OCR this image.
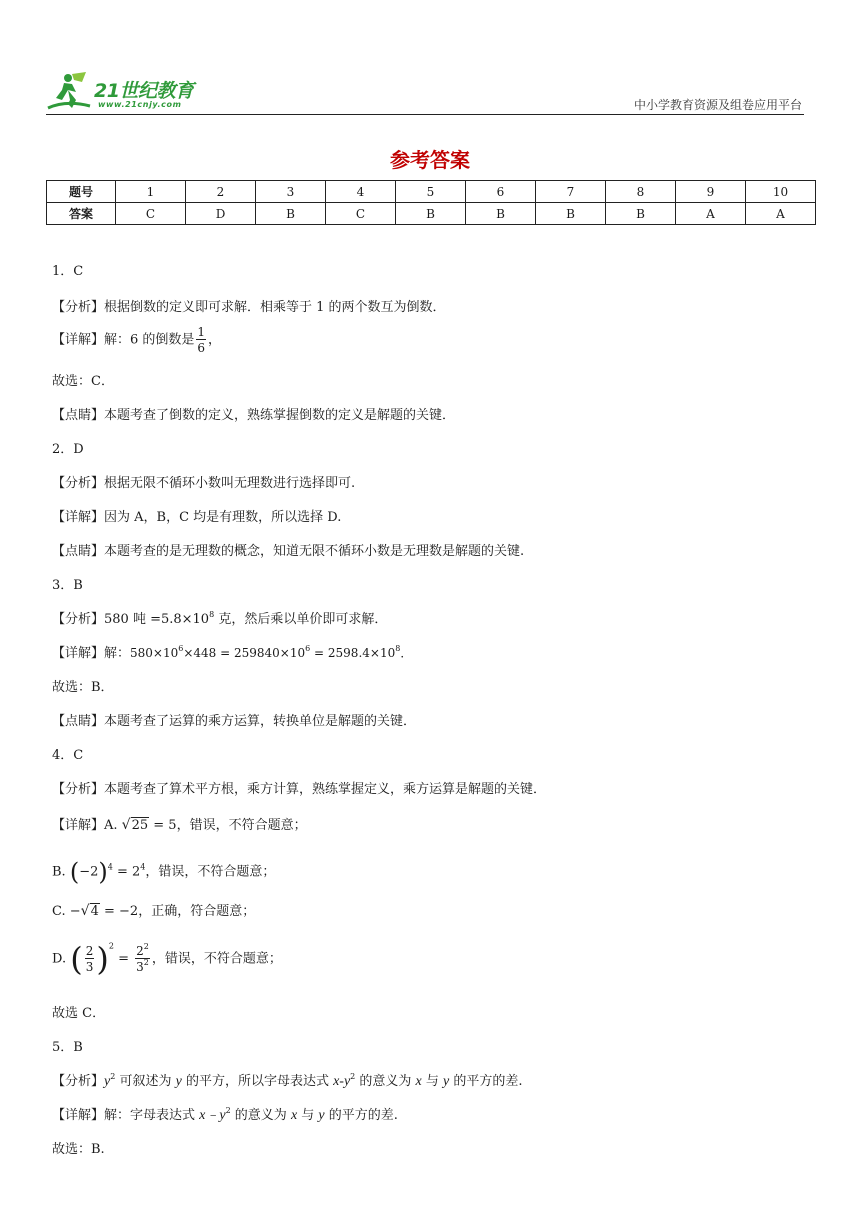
21世纪教育
www.21cnjy.com	中小学教育资源及组卷应用平台
参考答案
题号	1	2	3	4	5	6	7	8	9	10
答案	C	D	B	C	B	B	B	B	A	A
1．C
【分析】根据倒数的定义即可求解．相乘等于 1 的两个数互为倒数．
【详解】解：6 的倒数是 $\frac{1}{6}$ ，
故选：C．
【点睛】本题考查了倒数的定义，熟练掌握倒数的定义是解题的关键．
2．D
【分析】根据无限不循环小数叫无理数进行选择即可.
【详解】因为 A，B，C 均是有理数，所以选择 D.
【点睛】本题考查的是无理数的概念，知道无限不循环小数是无理数是解题的关键.
3．B
【分析】580 吨 $=5.8\times 10^8$ 克，然后乘以单价即可求解．
【详解】解：$580\times 10^6\times 448 = 259840\times 10^6 = 2598.4\times 10^8$．
故选：B．
【点睛】本题考查了运算的乘方运算，转换单位是解题的关键．
4．C
【分析】本题考查了算术平方根，乘方计算，熟练掌握定义，乘方运算是解题的关键．
【详解】A. √25 = 5，错误，不符合题意；
B. $(-2)^4 = 2^4$，错误，不符合题意；
C. −√4 = −2，正确，符合题意；
D. ( $\frac{2}{3} )^2 = \frac{2^2}{3^2}$ ，错误，不符合题意；
故选 C．
5．B
【分析】$y^2$ 可叙述为 y 的平方，所以字母表达式 $x-y^2$ 的意义为 x 与 y 的平方的差.
【详解】解：字母表达式 $x﹣y^2$ 的意义为 x 与 y 的平方的差.
故选：B.
